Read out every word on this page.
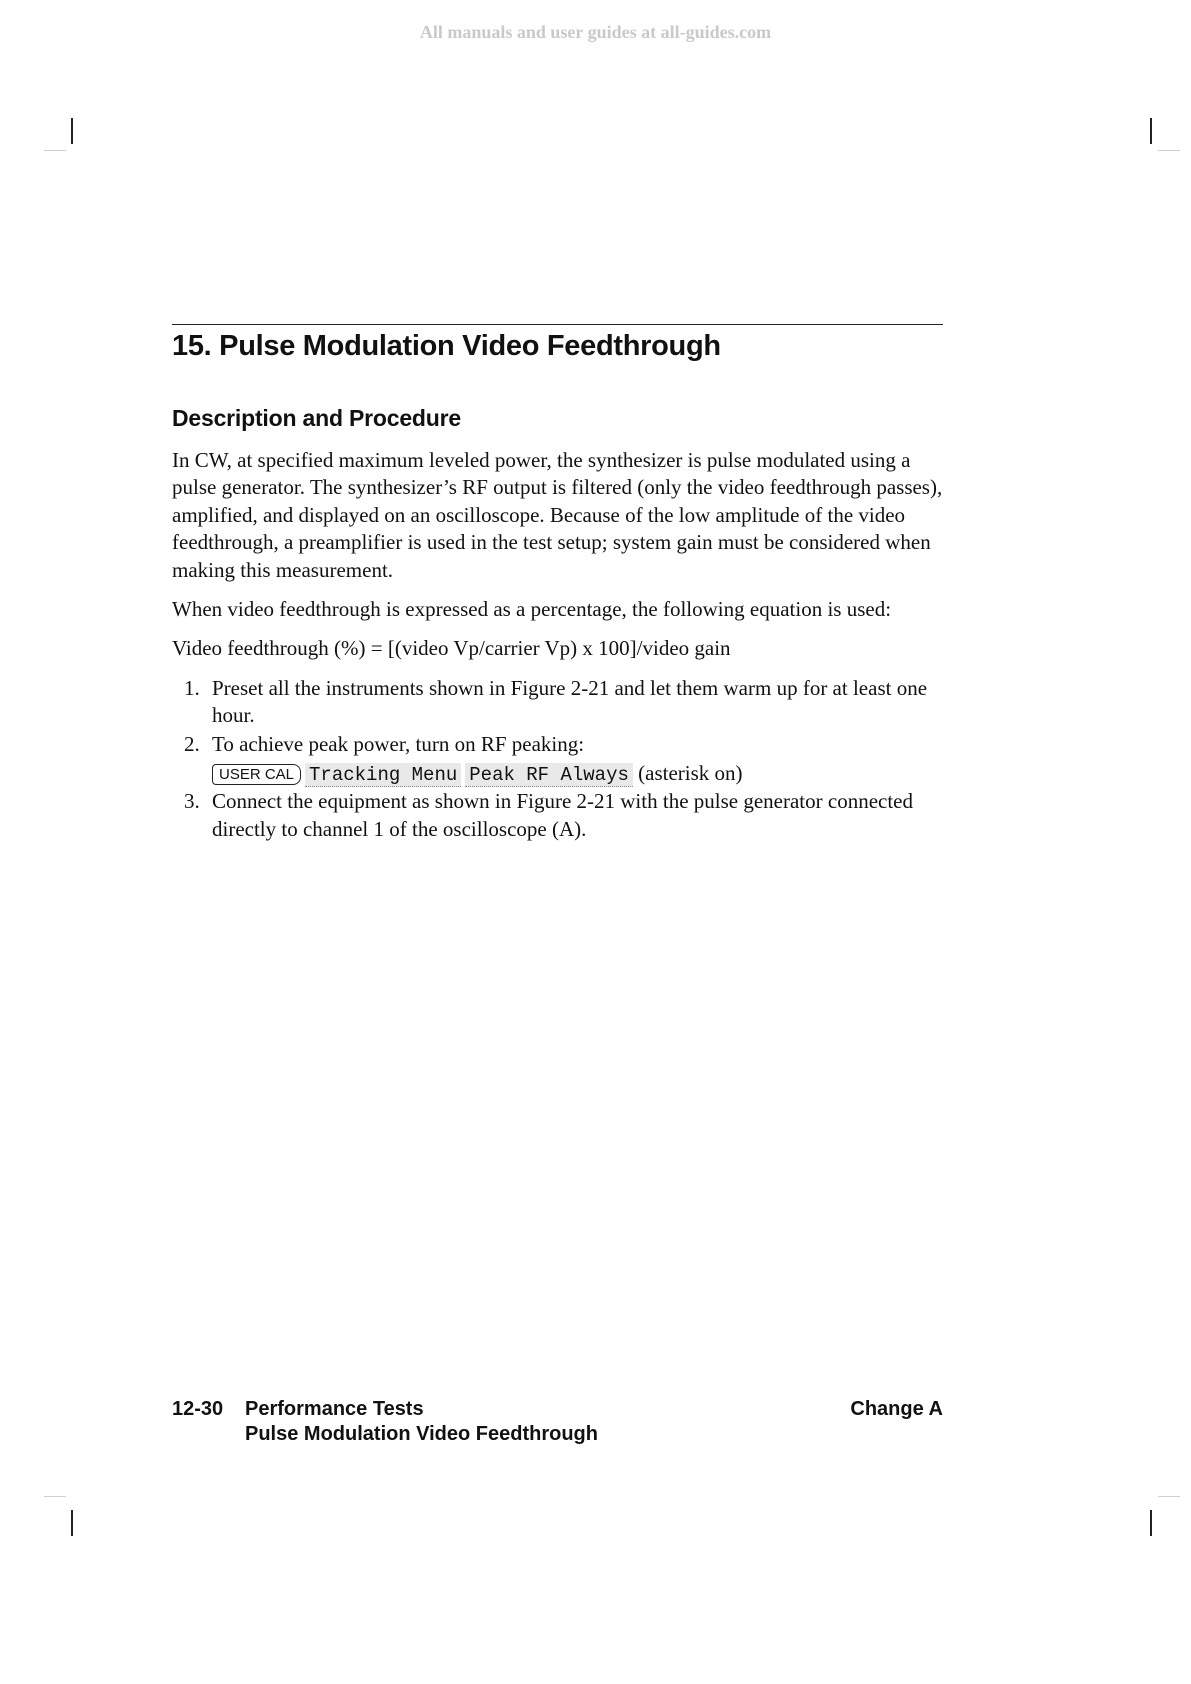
All manuals and user guides at all-guides.com
15. Pulse Modulation Video Feedthrough
Description and Procedure

In CW, at specified maximum leveled power, the synthesizer is pulse modulated using a pulse generator. The synthesizer’s RF output is filtered (only the video feedthrough passes), amplified, and displayed on an oscilloscope. Because of the low amplitude of the video feedthrough, a preamplifier is used in the test setup; system gain must be considered when making this measurement.

When video feedthrough is expressed as a percentage, the following equation is used:

Video feedthrough (%) = [(video Vp/carrier Vp) x 100]/video gain

1. Preset all the instruments shown in Figure 2-21 and let them warm up for at least one hour.
2. To achieve peak power, turn on RF peaking:
USER CAL Tracking Menu Peak RF Always (asterisk on)
3. Connect the equipment as shown in Figure 2-21 with the pulse generator connected directly to channel 1 of the oscilloscope (A).
12-30 Performance Tests
Pulse Modulation Video Feedthrough
Change A
